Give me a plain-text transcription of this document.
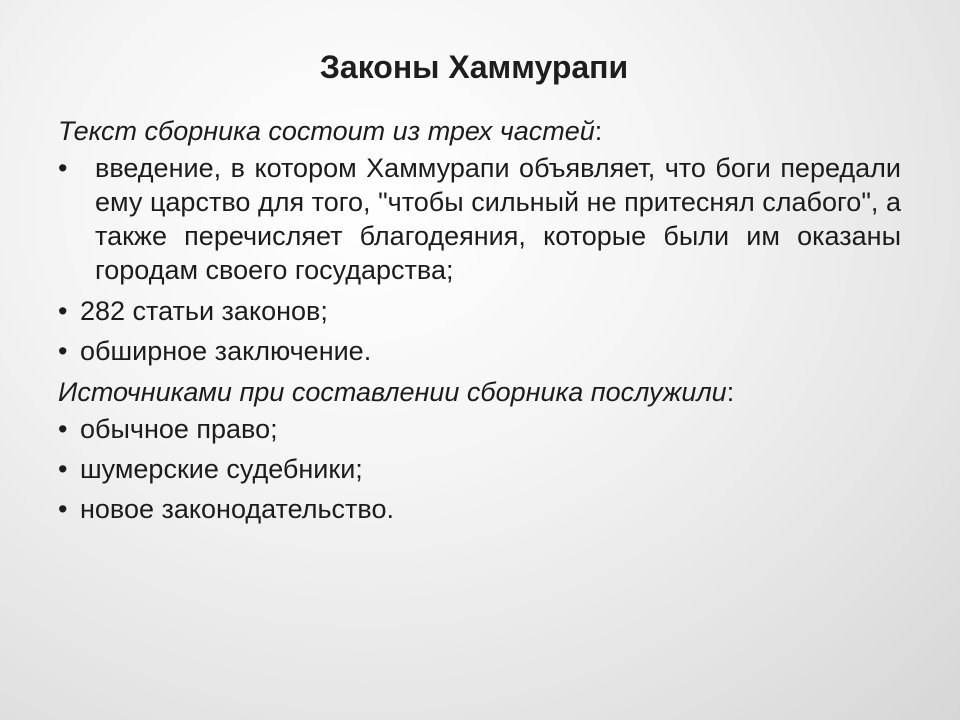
Законы Хаммурапи
Текст сборника состоит из трех частей:
•	введение, в котором Хаммурапи объявляет, что боги передали ему царство для того, "чтобы сильный не притеснял слабого", а также перечисляет благодеяния, которые были им оказаны городам своего государства;
• 282 статьи законов;
• обширное заключение.
Источниками при составлении сборника послужили:
• обычное право;
• шумерские судебники;
• новое законодательство.
